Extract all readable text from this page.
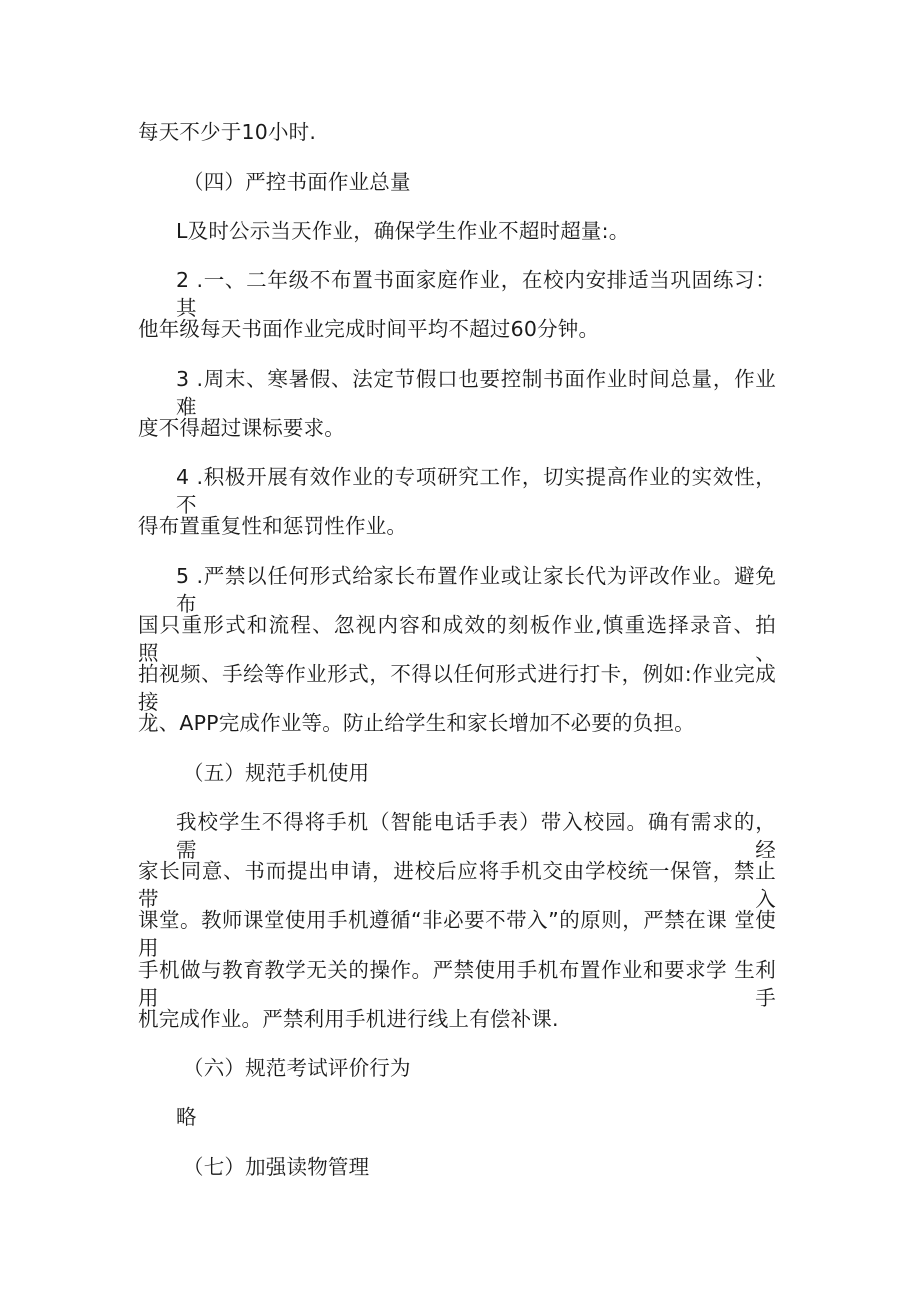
每天不少于10小时.
（四）严控书面作业总量
L及时公示当天作业，确保学生作业不超时超量:。
2 .一、二年级不布置书面家庭作业，在校内安排适当巩固练习：其
他年级每天书面作业完成时间平均不超过60分钟。
3 .周末、寒暑假、法定节假口也要控制书面作业时间总量，作业难
度不得超过课标要求。
4 .积极开展有效作业的专项研究工作，切实提高作业的实效性，不
得布置重复性和惩罚性作业。
5 .严禁以任何形式给家长布置作业或让家长代为评改作业。避免布
国只重形式和流程、忽视内容和成效的刻板作业,慎重选择录音、拍照、
拍视频、手绘等作业形式，不得以任何形式进行打卡，例如:作业完成 接
龙、APP完成作业等。防止给学生和家长增加不必要的负担。
（五）规范手机使用
我校学生不得将手机（智能电话手表）带入校园。确有需求的，需 经
家长同意、书而提出申请，进校后应将手机交由学校统一保管，禁止 带入
课堂。教师课堂使用手机遵循“非必要不带入”的原则，严禁在课 堂使用
手机做与教育教学无关的操作。严禁使用手机布置作业和要求学 生利用手
机完成作业。严禁利用手机进行线上有偿补课.
（六）规范考试评价行为
略
（七）加强读物管理
